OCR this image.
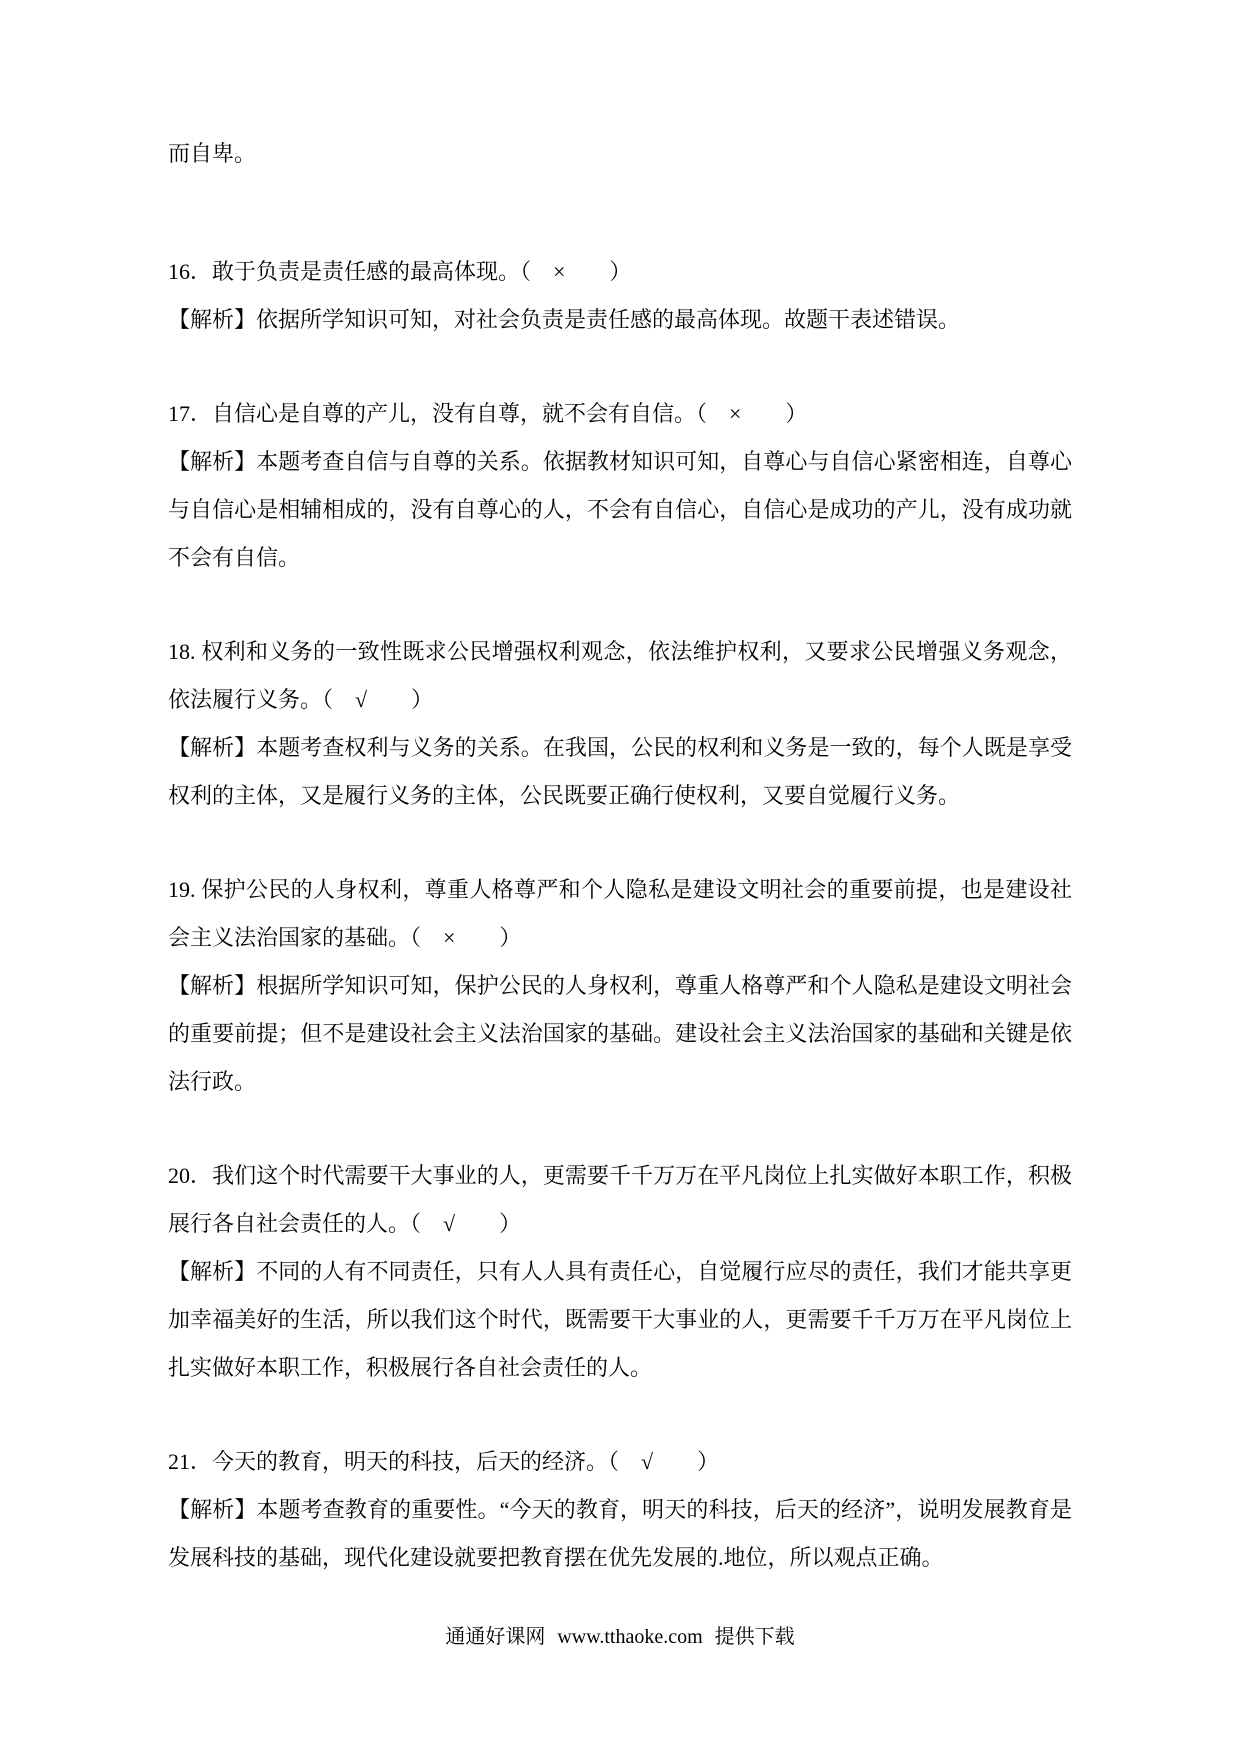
而自卑。

16．敢于负责是责任感的最高体现。（　×　　）

【解析】依据所学知识可知，对社会负责是责任感的最高体现。故题干表述错误。

17．自信心是自尊的产儿，没有自尊，就不会有自信。（　×　　）

【解析】本题考查自信与自尊的关系。依据教材知识可知，自尊心与自信心紧密相连，自尊心与自信心是相辅相成的，没有自尊心的人，不会有自信心，自信心是成功的产儿，没有成功就不会有自信。

18. 权利和义务的一致性既求公民增强权利观念，依法维护权利，又要求公民增强义务观念，依法履行义务。（　√　　）

【解析】本题考查权利与义务的关系。在我国，公民的权利和义务是一致的，每个人既是享受权利的主体，又是履行义务的主体，公民既要正确行使权利，又要自觉履行义务。

19. 保护公民的人身权利，尊重人格尊严和个人隐私是建设文明社会的重要前提，也是建设社会主义法治国家的基础。（　×　　）

【解析】根据所学知识可知，保护公民的人身权利，尊重人格尊严和个人隐私是建设文明社会的重要前提；但不是建设社会主义法治国家的基础。建设社会主义法治国家的基础和关键是依法行政。

20．我们这个时代需要干大事业的人，更需要千千万万在平凡岗位上扎实做好本职工作，积极展行各自社会责任的人。（　√　　）

【解析】不同的人有不同责任，只有人人具有责任心，自觉履行应尽的责任，我们才能共享更加幸福美好的生活，所以我们这个时代，既需要干大事业的人，更需要千千万万在平凡岗位上扎实做好本职工作，积极展行各自社会责任的人。

21．今天的教育，明天的科技，后天的经济。（　√　　）

【解析】本题考查教育的重要性。“今天的教育，明天的科技，后天的经济”，说明发展教育是发展科技的基础，现代化建设就要把教育摆在优先发展的.地位，所以观点正确。

通通好课网 www.tthaoke.com 提供下载
